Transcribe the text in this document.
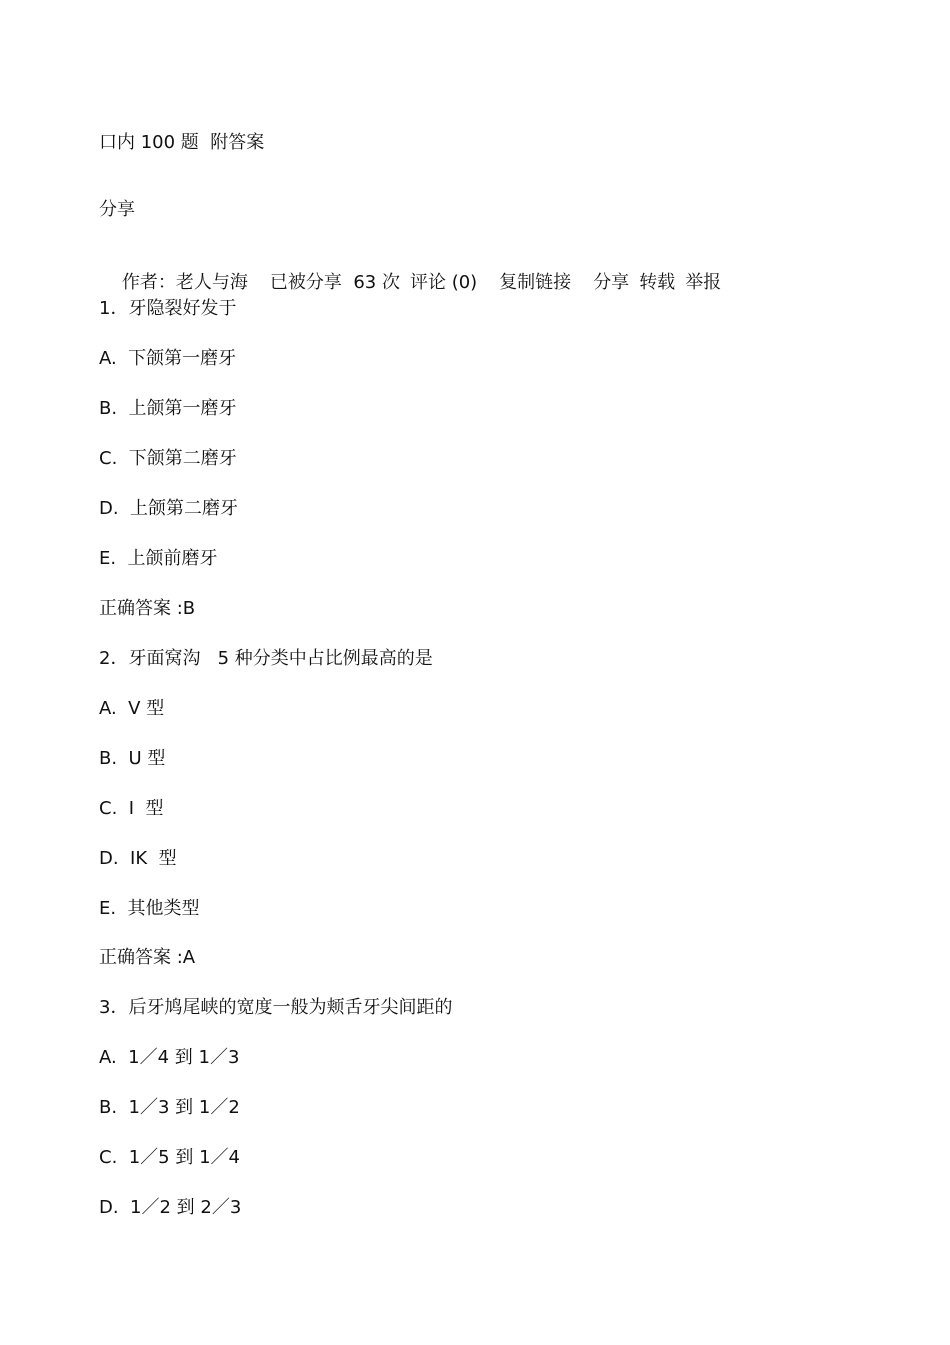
口内 100 题  附答案
分享

作者：老人与海 已被分享  63 次 评论 (0) 复制链接 分享 转载 举报

1．牙隐裂好发于
A.  下颌第一磨牙
B.  上颌第一磨牙
C.  下颌第二磨牙
D.  上颌第二磨牙
E.  上颌前磨牙
正确答案 :B
2．牙面窝沟   5 种分类中占比例最高的是
A.  V 型
B.  U 型
C.  I  型
D.  IK  型
E.  其他类型
正确答案 :A
3．后牙鸠尾峡的宽度一般为颊舌牙尖间距的
A.  1／4 到 1／3
B.  1／3 到 1／2
C.  1／5 到 1／4
D.  1／2 到 2／3
